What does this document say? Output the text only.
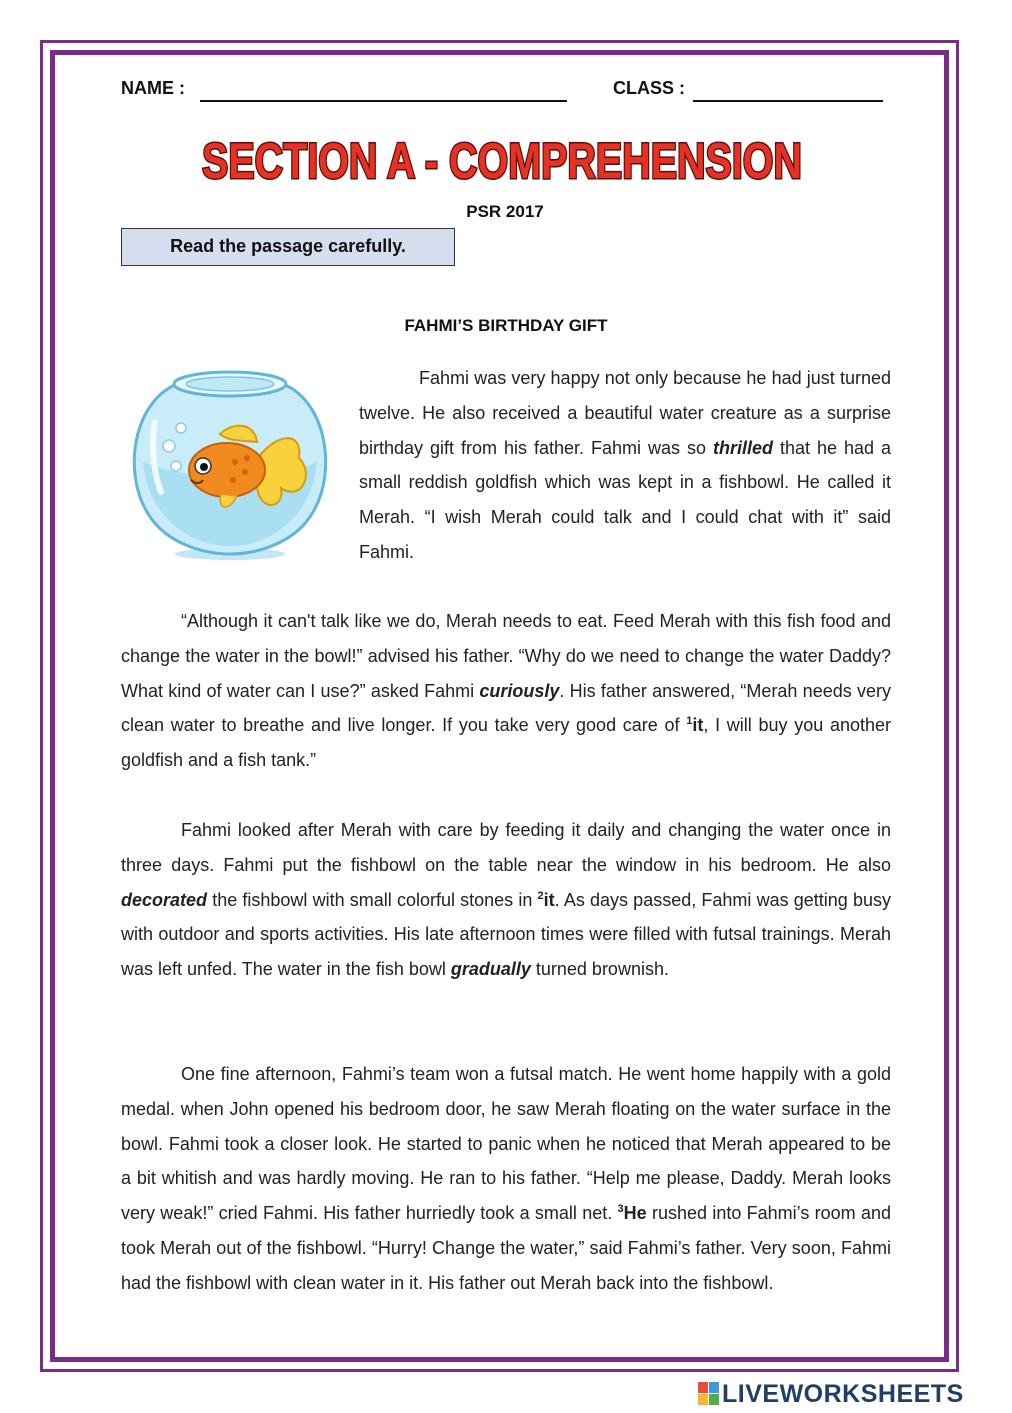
NAME :	CLASS :
SECTION A - COMPREHENSION
PSR 2017
Read the passage carefully.
FAHMI’S BIRTHDAY GIFT
Fahmi was very happy not only because he had just turned twelve. He also received a beautiful water creature as a surprise birthday gift from his father. Fahmi was so thrilled that he had a small reddish goldfish which was kept in a fishbowl. He called it Merah. “I wish Merah could talk and I could chat with it” said Fahmi.
“Although it can't talk like we do, Merah needs to eat. Feed Merah with this fish food and change the water in the bowl!” advised his father. “Why do we need to change the water Daddy? What kind of water can I use?” asked Fahmi curiously. His father answered, “Merah needs very clean water to breathe and live longer. If you take very good care of $^1$it, I will buy you another goldfish and a fish tank.”
Fahmi looked after Merah with care by feeding it daily and changing the water once in three days. Fahmi put the fishbowl on the table near the window in his bedroom. He also decorated the fishbowl with small colorful stones in $^2$it. As days passed, Fahmi was getting busy with outdoor and sports activities. His late afternoon times were filled with futsal trainings. Merah was left unfed. The water in the fish bowl gradually turned brownish.
One fine afternoon, Fahmi’s team won a futsal match. He went home happily with a gold medal. when John opened his bedroom door, he saw Merah floating on the water surface in the bowl. Fahmi took a closer look. He started to panic when he noticed that Merah appeared to be a bit whitish and was hardly moving. He ran to his father. “Help me please, Daddy. Merah looks very weak!” cried Fahmi. His father hurriedly took a small net. $^3$He rushed into Fahmi’s room and took Merah out of the fishbowl. “Hurry! Change the water,” said Fahmi’s father. Very soon, Fahmi had the fishbowl with clean water in it. His father out Merah back into the fishbowl.
LIVEWORKSHEETS
